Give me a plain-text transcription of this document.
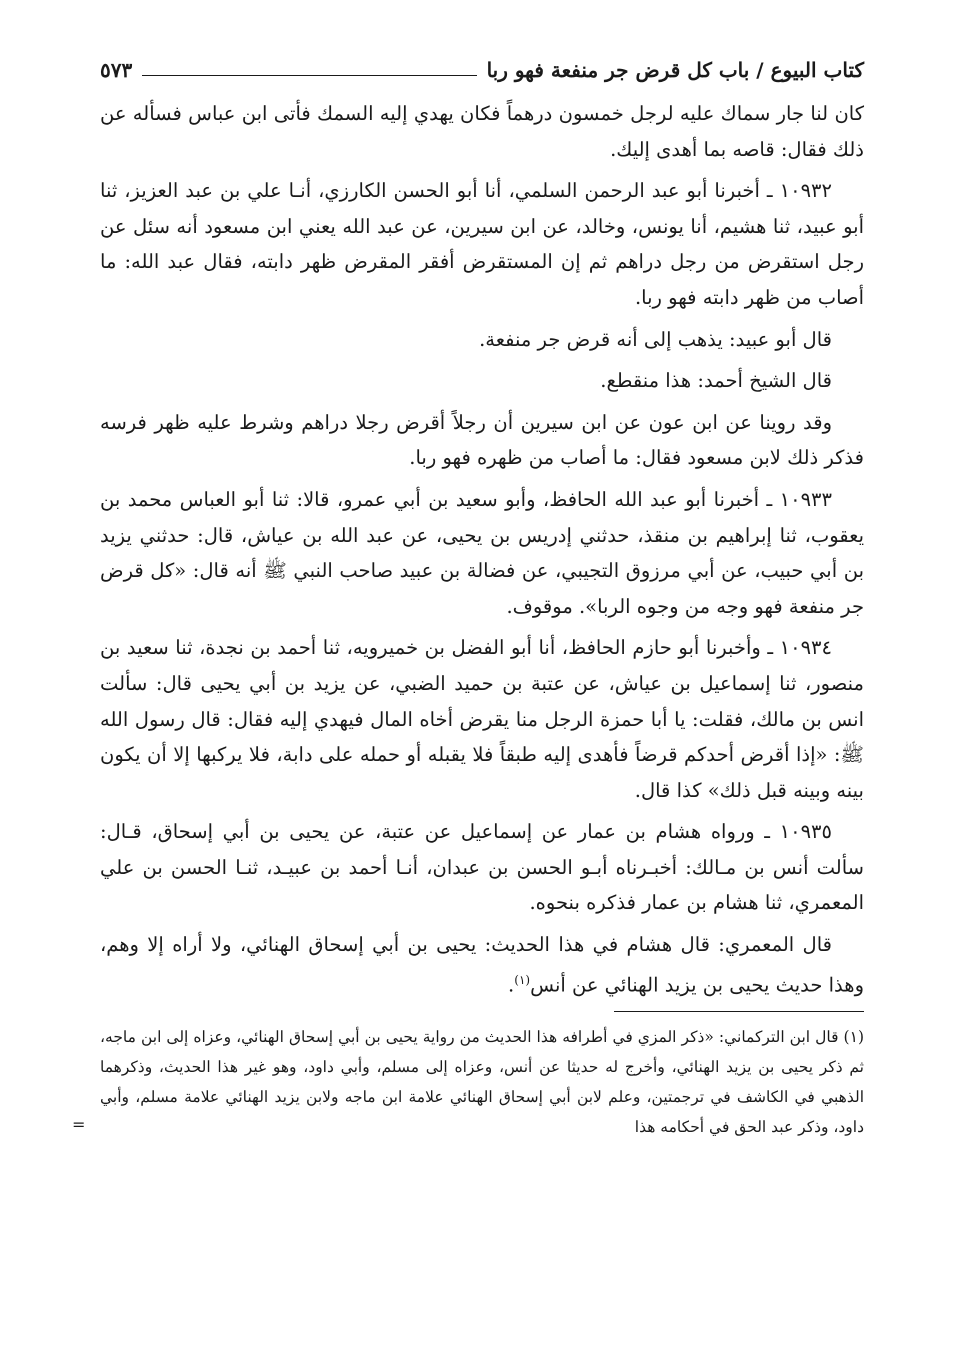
كتاب البيوع / باب كل قرض جر منفعة فهو ربا
٥٧٣

كان لنا جار سماك عليه لرجل خمسون درهماً فكان يهدي إليه السمك فأتى ابن عباس فسأله عن ذلك فقال: قاصه بما أهدى إليك.

١٠٩٣٢ ـ أخبرنا أبو عبد الرحمن السلمي، أنا أبو الحسن الكارزي، أنـا علي بن عبد العزيز، ثنا أبو عبيد، ثنا هشيم، أنا يونس، وخالد، عن ابن سيرين، عن عبد الله يعني ابن مسعود أنه سئل عن رجل استقرض من رجل دراهم ثم إن المستقرض أفقر المقرض ظهر دابته، فقال عبد الله: ما أصاب من ظهر دابته فهو ربا.

قال أبو عبيد: يذهب إلى أنه قرض جر منفعة.

قال الشيخ أحمد: هذا منقطع.

وقد روينا عن ابن عون عن ابن سيرين أن رجلاً أقرض رجلا دراهم وشرط عليه ظهر فرسه فذكر ذلك لابن مسعود فقال: ما أصاب من ظهره فهو ربا.

١٠٩٣٣ ـ أخبرنا أبو عبد الله الحافظ، وأبو سعيد بن أبي عمرو، قالا: ثنا أبو العباس محمد بن يعقوب، ثنا إبراهيم بن منقذ، حدثني إدريس بن يحيى، عن عبد الله بن عياش، قال: حدثني يزيد بن أبي حبيب، عن أبي مرزوق التجيبي، عن فضالة بن عبيد صاحب النبي ﷺ أنه قال: «كل قرض جر منفعة فهو وجه من وجوه الربا». موقوف.

١٠٩٣٤ ـ وأخبرنا أبو حازم الحافظ، أنا أبو الفضل بن خميرويه، ثنا أحمد بن نجدة، ثنا سعيد بن منصور، ثنا إسماعيل بن عياش، عن عتبة بن حميد الضبي، عن يزيد بن أبي يحيى قال: سألت انس بن مالك، فقلت: يا أبا حمزة الرجل منا يقرض أخاه المال فيهدي إليه فقال: قال رسول الله ﷺ: «إذا أقرض أحدكم قرضاً فأهدى إليه طبقاً فلا يقبله أو حمله على دابة، فلا يركبها إلا أن يكون بينه وبينه قبل ذلك» كذا قال.

١٠٩٣٥ ـ ورواه هشام بن عمار عن إسماعيل عن عتبة، عن يحيى بن أبي إسحاق، قـال: سألت أنس بن مـالك: أخبـرناه أبـو الحسن بن عبدان، أنـا أحمد بن عبيـد، ثنـا الحسن بن علي المعمري، ثنا هشام بن عمار فذكره بنحوه.

قال المعمري: قال هشام في هذا الحديث: يحيى بن أبي إسحاق الهنائي، ولا أراه إلا وهم، وهذا حديث يحيى بن يزيد الهنائي عن أنس$^{(١)}$.

(١) قال ابن التركماني: «ذكر المزي في أطرافه هذا الحديث من رواية يحيى بن أبي إسحاق الهنائي، وعزاه إلى ابن ماجه، ثم ذكر يحيى بن يزيد الهنائي، وأخرج له حديثا عن أنس، وعزاه إلى مسلم، وأبي داود، وهو غير هذا الحديث، وذكرهما الذهبي في الكاشف في ترجمتين، وعلم لابن أبي إسحاق الهنائي علامة ابن ماجه ولابن يزيد الهنائي علامة مسلم، وأبي داود، وذكر عبد الحق في أحكامه هذا

=
